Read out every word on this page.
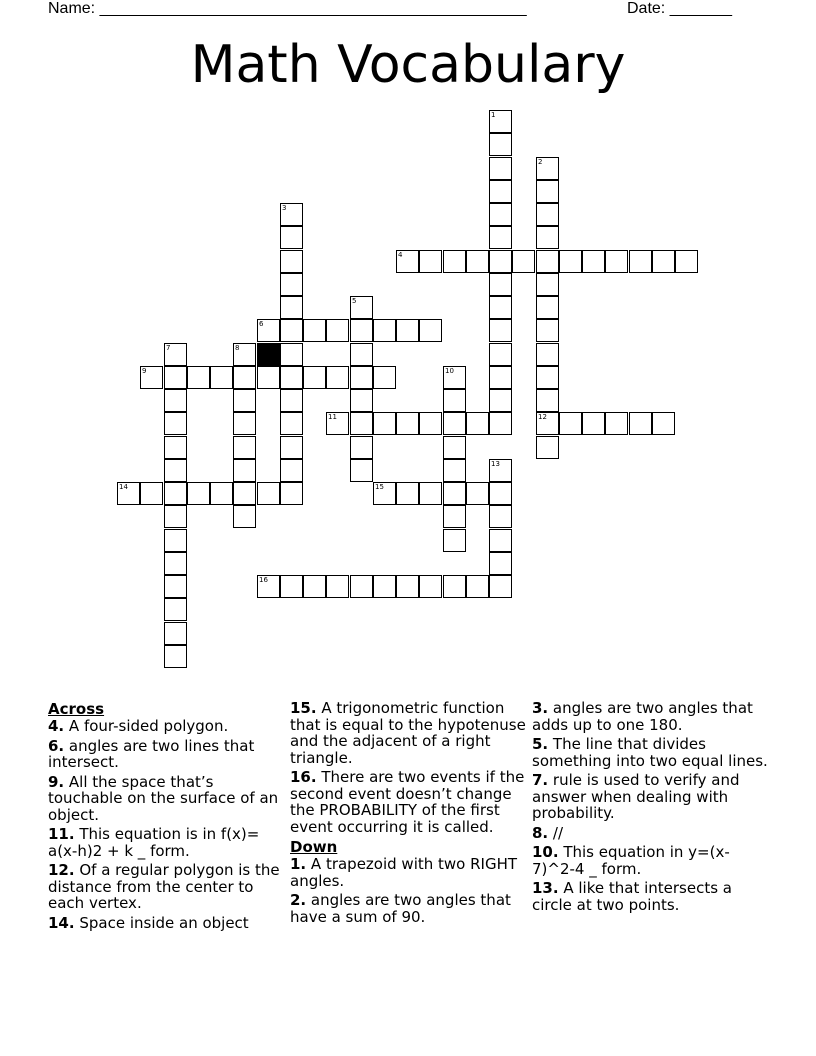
Name: ________________________________________________	Date: _______
Math Vocabulary
1
2
3
4
5
6
7	8
9	10
11	12
13
14	15
16
Across

4. A four-sided polygon.

6. angles are two lines that intersect.

9. All the space that’s touchable on the surface of an object.

11. This equation is in f(x)= a(x-h)2 + k _ form.

12. Of a regular polygon is the distance from the center to each vertex.

14. Space inside an object

15. A trigonometric function that is equal to the hypotenuse and the adjacent of a right triangle.

16. There are two events if the second event doesn’t change the PROBABILITY of the first event occurring it is called.

Down

1. A trapezoid with two RIGHT angles.

2. angles are two angles that have a sum of 90.

3. angles are two angles that adds up to one 180.

5. The line that divides something into two equal lines.

7. rule is used to verify and answer when dealing with probability.

8. //

10. This equation in y=(x-7)^2-4 _ form.

13. A like that intersects a circle at two points.
